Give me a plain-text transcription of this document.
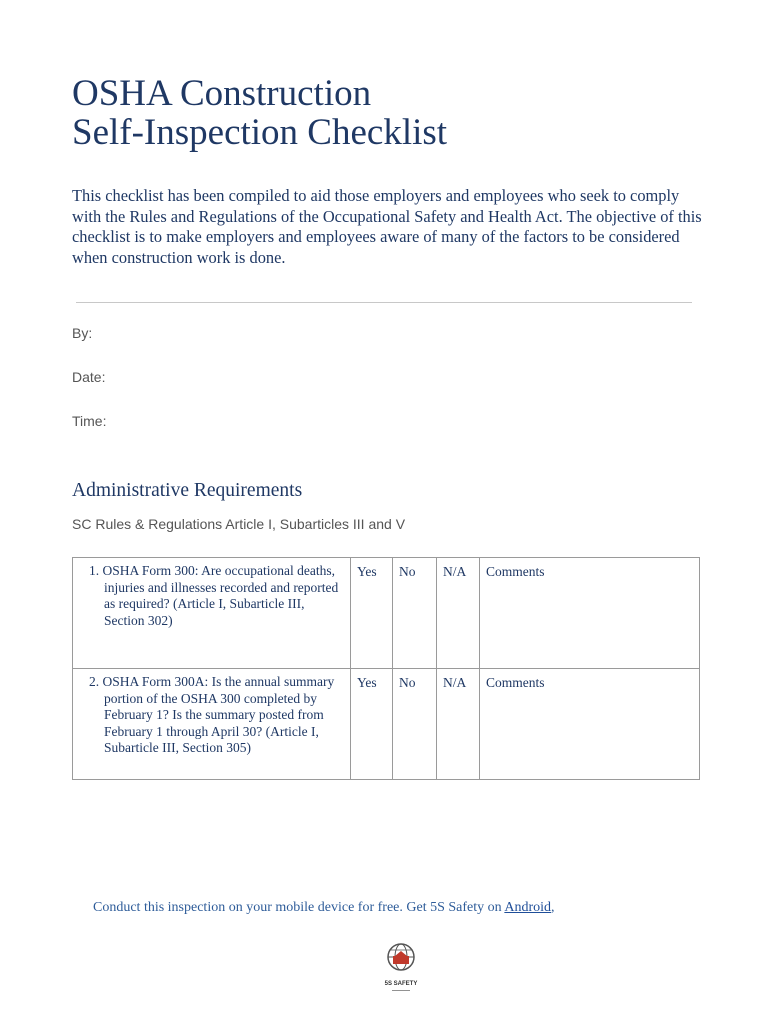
OSHA Construction
Self-Inspection Checklist

This checklist has been compiled to aid those employers and employees who seek to comply with the Rules and Regulations of the Occupational Safety and Health Act. The objective of this checklist is to make employers and employees aware of many of the factors to be considered when construction work is done.

By:
Date:
Time:
Administrative Requirements
SC Rules & Regulations Article I, Subarticles III and V
1. OSHA Form 300: Are occupational deaths, injuries and illnesses recorded and reported as required? (Article I, Subarticle III, Section 302)	Yes	No	N/A	Comments

2. OSHA Form 300A: Is the annual summary portion of the OSHA 300 completed by February 1? Is the summary posted from February 1 through April 30? (Article I, Subarticle III, Section 305)	Yes	No	N/A	Comments
Conduct this inspection on your mobile device for free. Get 5S Safety on Android,
5S SAFETY
▬▬▬▬▬▬
